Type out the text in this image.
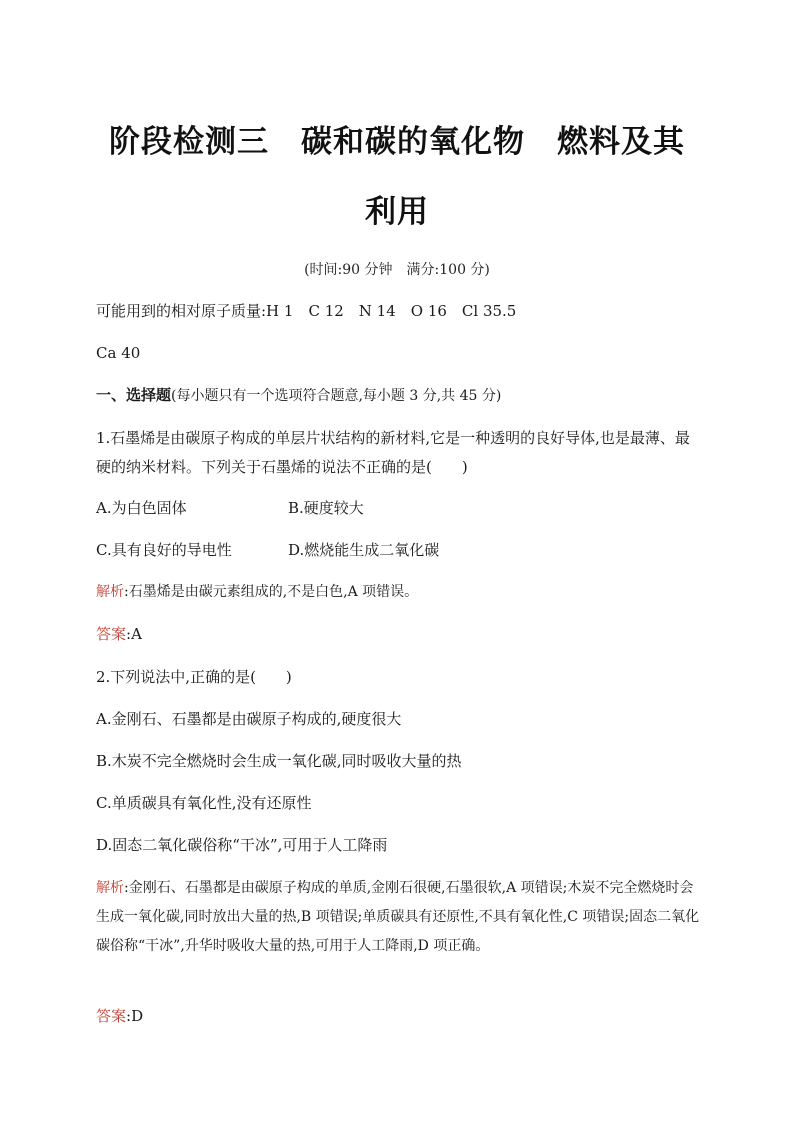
阶段检测三　碳和碳的氧化物　燃料及其
利用
(时间:90 分钟　满分:100 分)
可能用到的相对原子质量:H 1　C 12　N 14　O 16　Cl 35.5
Ca 40
一、选择题(每小题只有一个选项符合题意,每小题 3 分,共 45 分)
1.石墨烯是由碳原子构成的单层片状结构的新材料,它是一种透明的良好导体,也是最薄、最硬的纳米材料。下列关于石墨烯的说法不正确的是(　　)
A.为白色固体	B.硬度较大
C.具有良好的导电性	D.燃烧能生成二氧化碳
解析:石墨烯是由碳元素组成的,不是白色,A 项错误。
答案:A
2.下列说法中,正确的是(　　)
A.金刚石、石墨都是由碳原子构成的,硬度很大
B.木炭不完全燃烧时会生成一氧化碳,同时吸收大量的热
C.单质碳具有氧化性,没有还原性
D.固态二氧化碳俗称“干冰”,可用于人工降雨
解析:金刚石、石墨都是由碳原子构成的单质,金刚石很硬,石墨很软,A 项错误;木炭不完全燃烧时会生成一氧化碳,同时放出大量的热,B 项错误;单质碳具有还原性,不具有氧化性,C 项错误;固态二氧化碳俗称“干冰”,升华时吸收大量的热,可用于人工降雨,D 项正确。
答案:D
